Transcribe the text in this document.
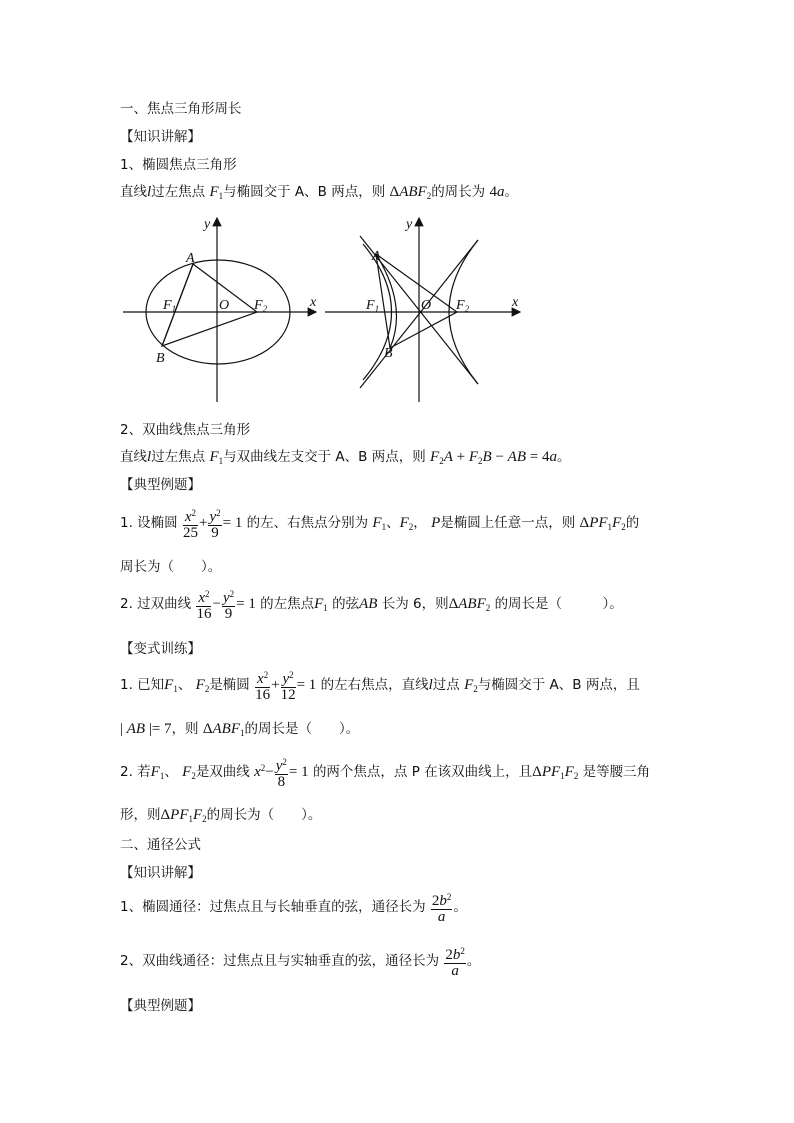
一、焦点三角形周长
【知识讲解】
1、椭圆焦点三角形
直线l过左焦点 $F_1$与椭圆交于 A、B 两点，则 $\Delta ABF_2$的周长为 4a。
y
x
A
B
$F_1$	O $F_2$
y
x
A
B
$F_1$	O $F_2$
2、双曲线焦点三角形
直线l过左焦点 $F_1$与双曲线左支交于 A、B 两点，则 $F_2A + F_2B$ − AB = 4a。
【典型例题】
1. 设椭圆 $\frac{x^2}{25} + \frac{y^2}{9} = 1$ 的左、右焦点分别为 $F_1$、$F_2$， P是椭圆上任意一点，则 $\Delta PF_1F_2$的
周长为（　　）。
2. 过双曲线 $\frac{x^2}{16} - \frac{y^2}{9} = 1$ 的左焦点$F_1$ 的弦AB 长为 6，则$\Delta ABF_2$ 的周长是（　　　）。
【变式训练】
1. 已知$F_1$、 $F_2$是椭圆 $\frac{x^2}{16} + \frac{y^2}{12} = 1$ 的左右焦点，直线l过点 $F_2$与椭圆交于 A、B 两点，且
| AB |= 7，则 $\Delta ABF_1$的周长是（　　）。
2. 若$F_1$、 $F_2$是双曲线 $x^2- \frac{y^2}{8} = 1$ 的两个焦点，点 P 在该双曲线上，且$\Delta PF_1F_2$ 是等腰三角
形，则$\Delta PF_1F_2$的周长为（　　）。
二、通径公式
【知识讲解】
1、椭圆通径：过焦点且与长轴垂直的弦，通径长为 $\frac{2b^2}{a}$ 。
2、双曲线通径：过焦点且与实轴垂直的弦，通径长为 $\frac{2b^2}{a}$ 。
【典型例题】
